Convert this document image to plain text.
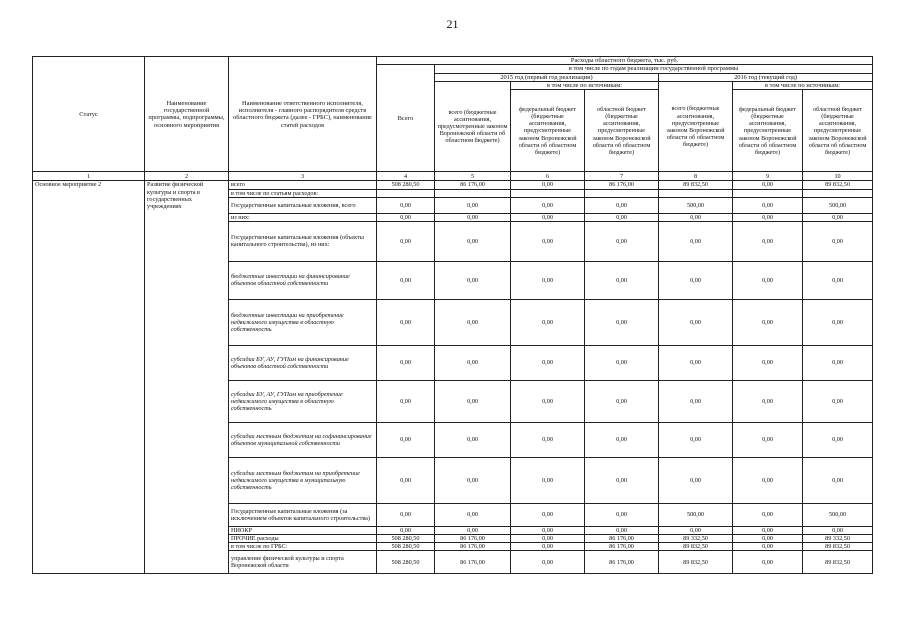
21
Статус	Наименование государственной программы, подпрограммы, основного мероприятия	Наименование ответственного исполнителя, исполнителя - главного распорядителя средств областного бюджета (далее - ГРБС), наименование статей расходов	Расходы областного бюджета, тыс. руб.						
			Всего	в том числе по годам реализации государственной программы					
				2015 год (первый год реализации)			2016 год (текущий год)		
				всего (бюджетные ассигнования, предусмотренные законом Воронежской области об областном бюджете)	в том числе по источникам:		всего (бюджетные ассигнования, предусмотренные законом Воронежской области об областном бюджете)	в том числе по источникам:	
					федеральный бюджет (бюджетные ассигнования, предусмотренные законом Воронежской области об областном бюджете)	областной бюджет (бюджетные ассигнования, предусмотренные законом Воронежской области об областном бюджете)		федеральный бюджет (бюджетные ассигнования, предусмотренные законом Воронежской области об областном бюджете)	областной бюджет (бюджетные ассигнования, предусмотренные законом Воронежской области об областном бюджете)
1	2	3	4	5	6	7	8	9	10
Основное мероприятие 2	Развитие физической культуры и спорта в государственных учреждениях	всего	508 280,50	86 176,00	0,00	86 176,00	89 832,50	0,00	89 832,50
		в том числе по статьям расходов:							
		Государственные капитальные вложения, всего	0,00	0,00	0,00	0,00	500,00	0,00	500,00
		из них:	0,00	0,00	0,00	0,00	0,00	0,00	0,00
		Государственные капитальные вложения (объекты капитального строительства), из них:	0,00	0,00	0,00	0,00	0,00	0,00	0,00
		бюджетные инвестиции на финансирование объектов областной собственности	0,00	0,00	0,00	0,00	0,00	0,00	0,00
		бюджетные инвестиции на приобретение недвижимого имущества в областную собственность	0,00	0,00	0,00	0,00	0,00	0,00	0,00
		субсидии БУ, АУ, ГУПам на финансирование объектов областной собственности	0,00	0,00	0,00	0,00	0,00	0,00	0,00
		субсидии БУ, АУ, ГУПам на приобретение недвижимого имущества в областную собственность	0,00	0,00	0,00	0,00	0,00	0,00	0,00
		субсидии местным бюджетам на софинансирование объектов муниципальной собственности	0,00	0,00	0,00	0,00	0,00	0,00	0,00
		субсидии местным бюджетам на приобретение недвижимого имущества в муниципальную собственность	0,00	0,00	0,00	0,00	0,00	0,00	0,00
		Государственные капитальные вложения (за исключением объектов капитального строительства)	0,00	0,00	0,00	0,00	500,00	0,00	500,00
		НИОКР	0,00	0,00	0,00	0,00	0,00	0,00	0,00
		ПРОЧИЕ расходы	508 280,50	86 176,00	0,00	86 176,00	89 332,50	0,00	89 332,50
		в том числе по ГРБС:	508 280,50	86 176,00	0,00	86 176,00	89 832,50	0,00	89 832,50
		управление физической культуры и спорта Воронежской области	508 280,50	86 176,00	0,00	86 176,00	89 832,50	0,00	89 832,50
